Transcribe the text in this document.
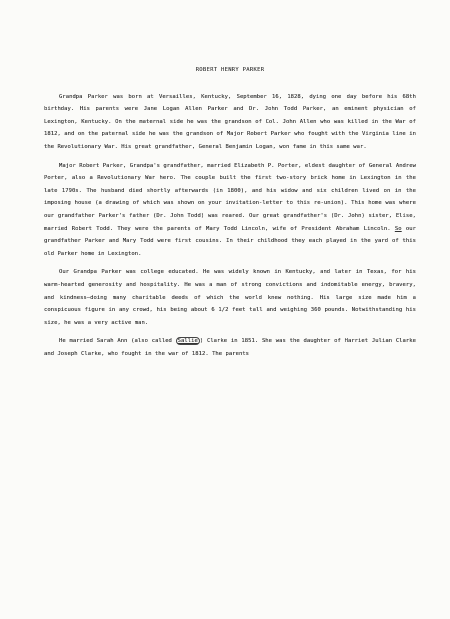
ROBERT HENRY PARKER

Grandpa Parker was born at Versailles, Kentucky, September 16, 1828, dying one day before his 68th birthday. His parents were Jane Logan Allen Parker and Dr. John Todd Parker, an eminent physician of Lexington, Kentucky. On the maternal side he was the grandson of Col. John Allen who was killed in the War of 1812, and on the paternal side he was the grandson of Major Robert Parker who fought with the Virginia line in the Revolutionary War. His great grandfather, General Benjamin Logan, won fame in this same war.

Major Robert Parker, Grandpa's grandfather, married Elizabeth P. Porter, eldest daughter of General Andrew Porter, also a Revolutionary War hero. The couple built the first two-story brick home in Lexington in the late 1790s. The husband died shortly afterwards (in 1800), and his widow and six children lived on in the imposing house (a drawing of which was shown on your invitation-letter to this re-union). This home was where our grandfather Parker's father (Dr. John Todd) was reared. Our great grandfather's (Dr. John) sister, Elise, married Robert Todd. They were the parents of Mary Todd Lincoln, wife of President Abraham Lincoln. So our grandfather Parker and Mary Todd were first cousins. In their childhood they each played in the yard of this old Parker home in Lexington.

Our Grandpa Parker was college educated. He was widely known in Kentucky, and later in Texas, for his warm-hearted generosity and hospitality. He was a man of strong convictions and indomitable energy, bravery, and kindness—doing many charitable deeds of which the world knew nothing. His large size made him a conspicuous figure in any crowd, his being about 6 1/2 feet tall and weighing 360 pounds. Notwithstanding his size, he was a very active man.

He married Sarah Ann (also called Sallie ) Clarke in 1851. She was the daughter of Harriet Julian Clarke and Joseph Clarke, who fought in the war of 1812. The parents
